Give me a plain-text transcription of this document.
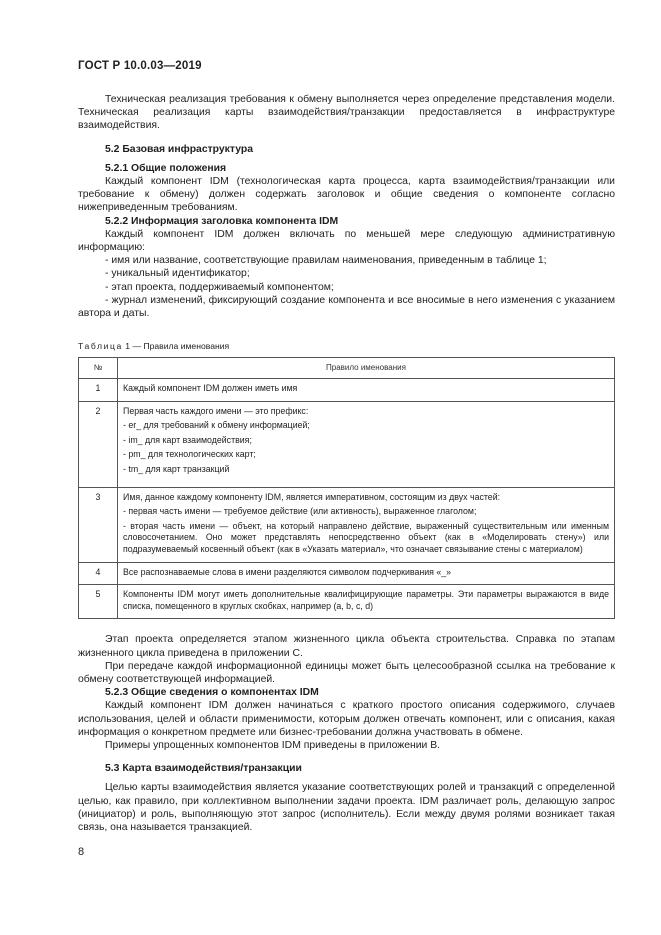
ГОСТ Р 10.0.03—2019

Техническая реализация требования к обмену выполняется через определение представления модели. Техническая реализация карты взаимодействия/транзакции предоставляется в инфраструктуре взаимодействия.

5.2 Базовая инфраструктура

5.2.1 Общие положения

Каждый компонент IDM (технологическая карта процесса, карта взаимодействия/транзакции или требование к обмену) должен содержать заголовок и общие сведения о компоненте согласно нижеприведенным требованиям.

5.2.2 Информация заголовка компонента IDM

Каждый компонент IDM должен включать по меньшей мере следующую административную информацию:

- имя или название, соответствующие правилам наименования, приведенным в таблице 1;

- уникальный идентификатор;

- этап проекта, поддерживаемый компонентом;

- журнал изменений, фиксирующий создание компонента и все вносимые в него изменения с указанием автора и даты.

Таблица 1 — Правила именования

№	Правило именования
1	Каждый компонент IDM должен иметь имя

2	Первая часть каждого имени — это префикс:
- er_ для требований к обмену информацией;
- im_ для карт взаимодействия;
- pm_ для технологических карт;
- tm_ для карт транзакций

3	Имя, данное каждому компоненту IDM, является императивном, состоящим из двух частей:
- первая часть имени — требуемое действие (или активность), выраженное глаголом;
- вторая часть имени — объект, на который направлено действие, выраженный существительным или именным словосочетанием. Оно может представлять непосредственно объект (как в «Моделировать стену») или подразумеваемый косвенный объект (как в «Указать материал», что означает связывание стены с материалом)

4	Все распознаваемые слова в имени разделяются символом подчеркивания «_»

5	Компоненты IDM могут иметь дополнительные квалифицирующие параметры. Эти параметры выражаются в виде списка, помещенного в круглых скобках, например (a, b, c, d)

Этап проекта определяется этапом жизненного цикла объекта строительства. Справка по этапам жизненного цикла приведена в приложении С.

При передаче каждой информационной единицы может быть целесообразной ссылка на требование к обмену соответствующей информацией.

5.2.3 Общие сведения о компонентах IDM

Каждый компонент IDM должен начинаться с краткого простого описания содержимого, случаев использования, целей и области применимости, которым должен отвечать компонент, или с описания, какая информация о конкретном предмете или бизнес-требовании должна участвовать в обмене.

Примеры упрощенных компонентов IDM приведены в приложении В.

5.3 Карта взаимодействия/транзакции

Целью карты взаимодействия является указание соответствующих ролей и транзакций с определенной целью, как правило, при коллективном выполнении задачи проекта. IDM различает роль, делающую запрос (инициатор) и роль, выполняющую этот запрос (исполнитель). Если между двумя ролями возникает такая связь, она называется транзакцией.

8
